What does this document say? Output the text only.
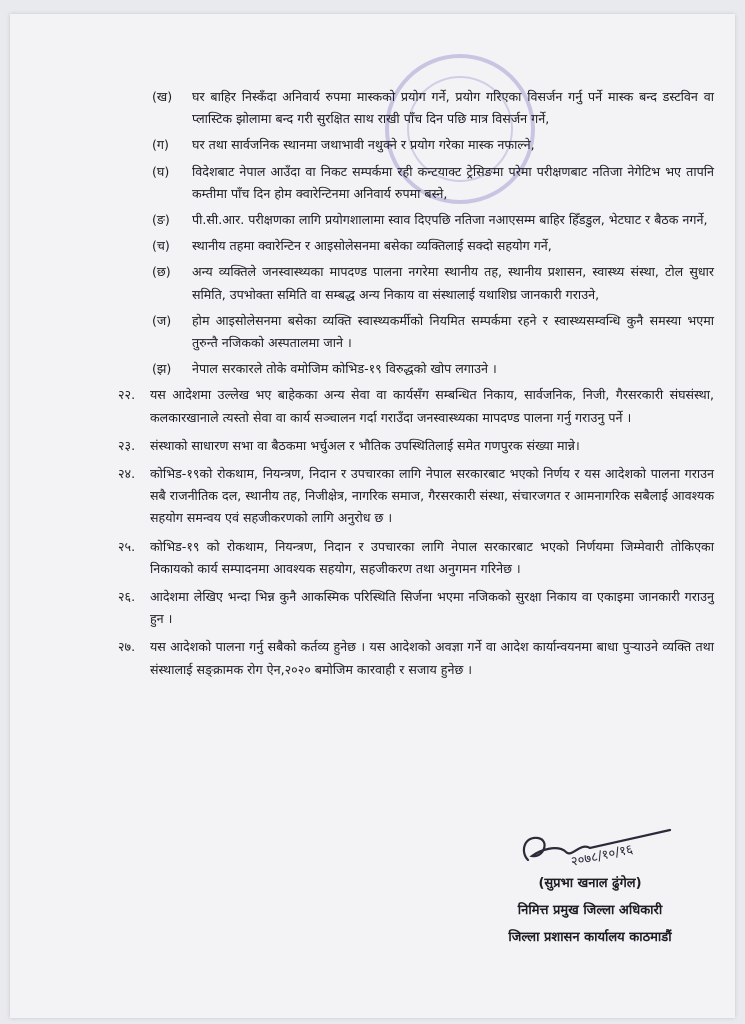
(ख) घर बाहिर निस्कँदा अनिवार्य रुपमा मास्कको प्रयोग गर्ने, प्रयोग गरिएका विसर्जन गर्नु पर्ने मास्क बन्द डस्टविन वा प्लास्टिक झोलामा बन्द गरी सुरक्षित साथ राखी पाँच दिन पछि मात्र विसर्जन गर्ने,
(ग) घर तथा सार्वजनिक स्थानमा जथाभावी नथुक्ने र प्रयोग गरेका मास्क नफाल्ने,
(घ) विदेशबाट नेपाल आउँदा वा निकट सम्पर्कमा रही कन्टयाक्ट ट्रेसिङमा परेमा परीक्षणबाट नतिजा नेगेटिभ भए तापनि कम्तीमा पाँच दिन होम क्वारेन्टिनमा अनिवार्य रुपमा बस्ने,
(ङ) पी.सी.आर. परीक्षणका लागि प्रयोगशालामा स्वाव दिएपछि नतिजा नआएसम्म बाहिर हिँडडुल, भेटघाट र बैठक नगर्ने,
(च) स्थानीय तहमा क्वारेन्टिन र आइसोलेसनमा बसेका व्यक्तिलाई सक्दो सहयोग गर्ने,
(छ) अन्य व्यक्तिले जनस्वास्थ्यका मापदण्ड पालना नगरेमा स्थानीय तह, स्थानीय प्रशासन, स्वास्थ्य संस्था, टोल सुधार समिति, उपभोक्ता समिति वा सम्बद्ध अन्य निकाय वा संस्थालाई यथाशिघ्र जानकारी गराउने,
(ज) होम आइसोलेसनमा बसेका व्यक्ति स्वास्थ्यकर्मीको नियमित सम्पर्कमा रहने र स्वास्थ्यसम्वन्धि कुनै समस्या भएमा तुरुन्तै नजिकको अस्पतालमा जाने ।
(झ) नेपाल सरकारले तोके वमोजिम कोभिड-१९ विरुद्धको खोप लगाउने ।
२२. यस आदेशमा उल्लेख भए बाहेकका अन्य सेवा वा कार्यसँग सम्बन्धित निकाय, सार्वजनिक, निजी, गैरसरकारी संघसंस्था, कलकारखानाले त्यस्तो सेवा वा कार्य सञ्चालन गर्दा गराउँदा जनस्वास्थ्यका मापदण्ड पालना गर्नु गराउनु पर्ने ।
२३. संस्थाको साधारण सभा वा बैठकमा भर्चुअल र भौतिक उपस्थितिलाई समेत गणपुरक संख्या मान्ने।
२४. कोभिड-१९को रोकथाम, नियन्त्रण, निदान र उपचारका लागि नेपाल सरकारबाट भएको निर्णय र यस आदेशको पालना गराउन सबै राजनीतिक दल, स्थानीय तह, निजीक्षेत्र, नागरिक समाज, गैरसरकारी संस्था, संचारजगत र आमनागरिक सबैलाई आवश्यक सहयोग समन्वय एवं सहजीकरणको लागि अनुरोध छ ।
२५. कोभिड-१९ को रोकथाम, नियन्त्रण, निदान र उपचारका लागि नेपाल सरकारबाट भएको निर्णयमा जिम्मेवारी तोकिएका निकायको कार्य सम्पादनमा आवश्यक सहयोग, सहजीकरण तथा अनुगमन गरिनेछ ।
२६. आदेशमा लेखिए भन्दा भिन्न कुनै आकस्मिक परिस्थिति सिर्जना भएमा नजिकको सुरक्षा निकाय वा एकाइमा जानकारी गराउनु हुन ।
२७. यस आदेशको पालना गर्नु सबैको कर्तव्य हुनेछ । यस आदेशको अवज्ञा गर्ने वा आदेश कार्यान्वयनमा बाधा पुऱ्याउने व्यक्ति तथा संस्थालाई सङ्क्रामक रोग ऐन,२०२० बमोजिम कारवाही र सजाय हुनेछ ।
२०७८/१०/१६
(सुप्रभा खनाल ढुंगेल)
निमित्त प्रमुख जिल्ला अधिकारी
जिल्ला प्रशासन कार्यालय काठमाडौं
